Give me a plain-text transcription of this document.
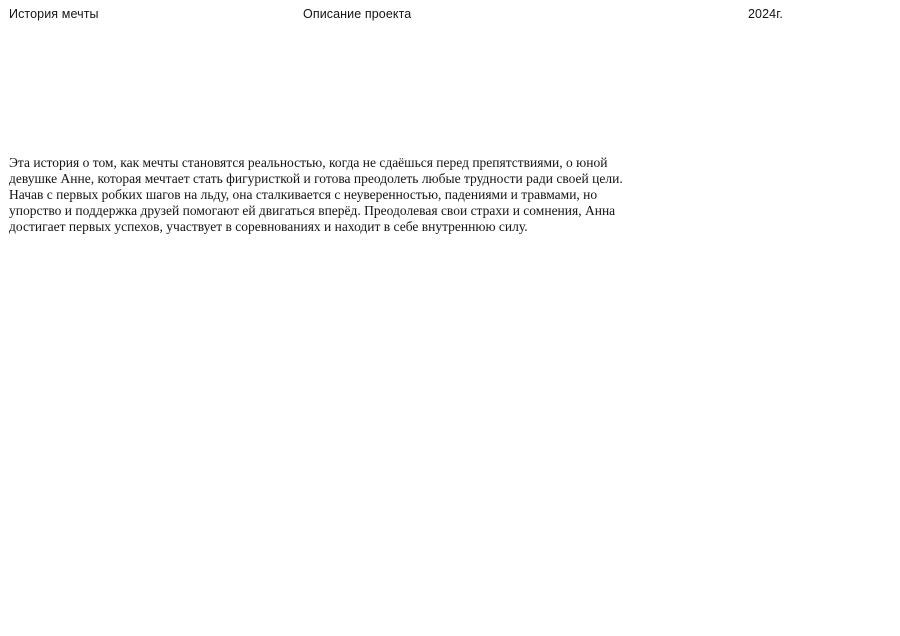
История мечты	Описание проекта	2024г.
Эта история о том, как мечты становятся реальностью, когда не сдаёшься перед препятствиями, о юной
девушке Анне, которая мечтает стать фигуристкой и готова преодолеть любые трудности ради своей цели.
Начав с первых робких шагов на льду, она сталкивается с неуверенностью, падениями и травмами, но
упорство и поддержка друзей помогают ей двигаться вперёд. Преодолевая свои страхи и сомнения, Анна
достигает первых успехов, участвует в соревнованиях и находит в себе внутреннюю силу.
